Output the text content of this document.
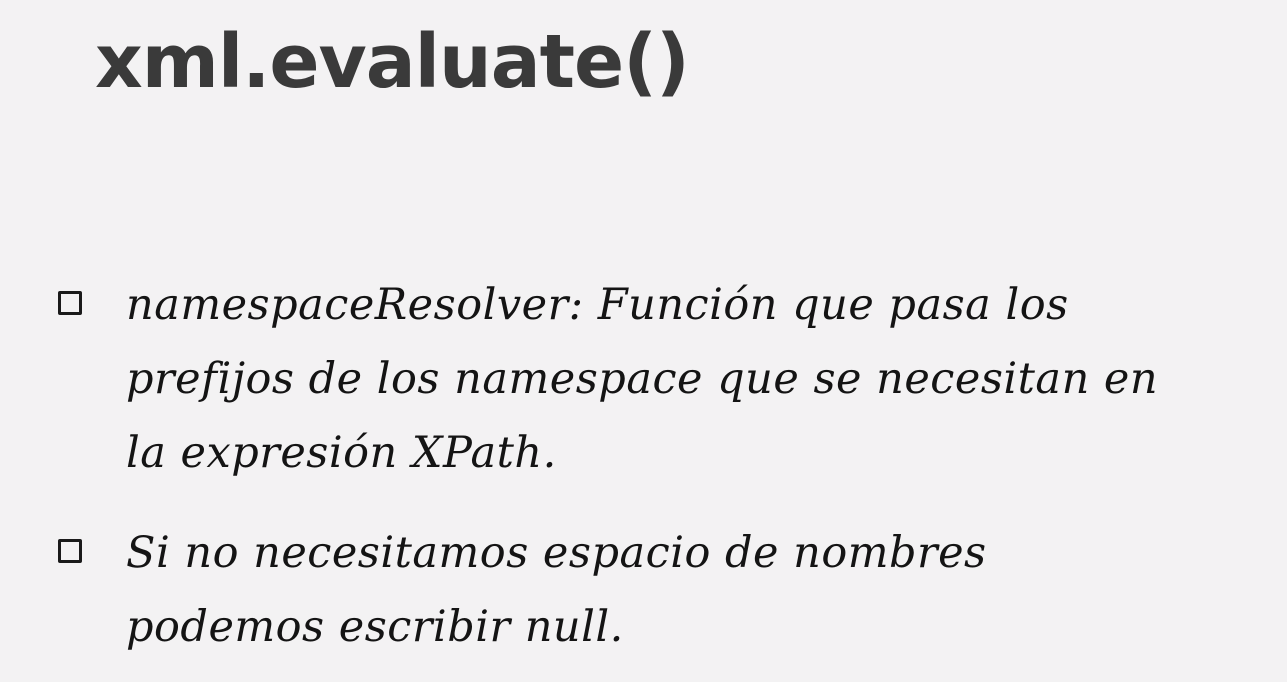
xml.evaluate()
namespaceResolver: Función que pasa los prefijos de los namespace que se necesitan en la expresión XPath.
Si no necesitamos espacio de nombres podemos escribir null.
